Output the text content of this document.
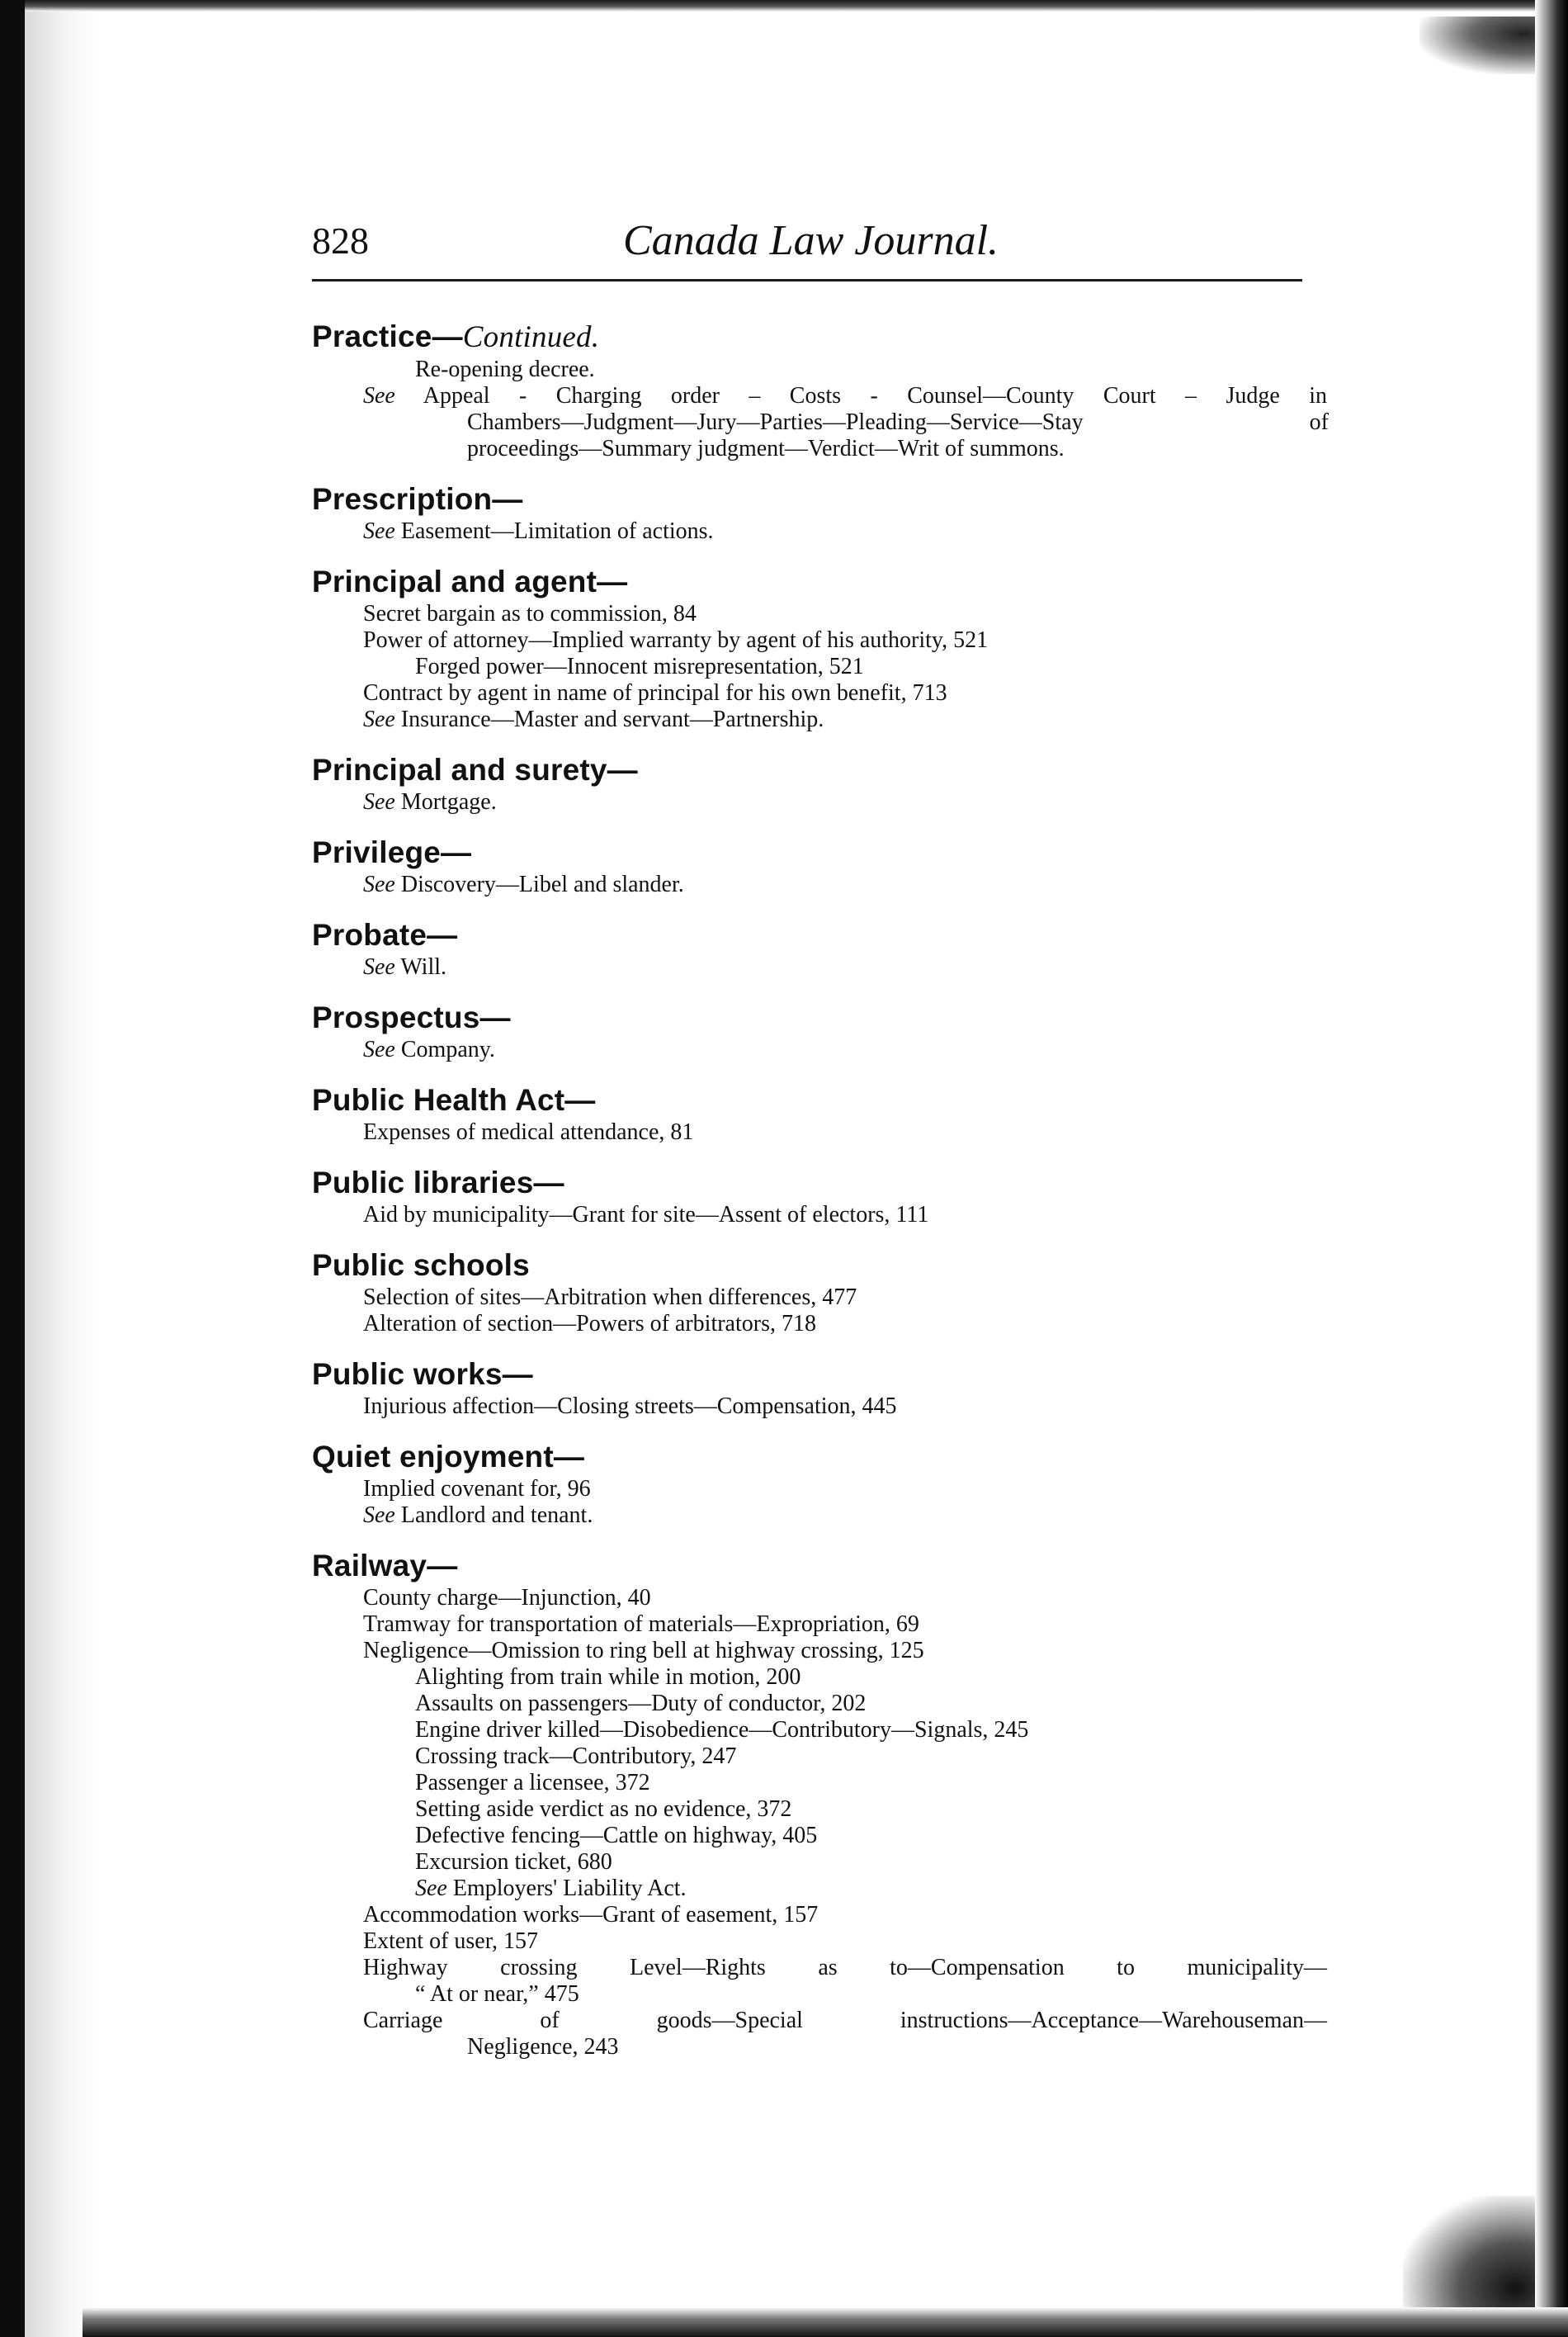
828	Canada Law Journal.
Practice—Continued.
Re-opening decree.
See Appeal - Charging order – Costs - Counsel—County Court – Judge in
Chambers—Judgment—Jury—Parties—Pleading—Service—Stay of
proceedings—Summary judgment—Verdict—Writ of summons.
Prescription—
See Easement—Limitation of actions.
Principal and agent—
Secret bargain as to commission, 84
Power of attorney—Implied warranty by agent of his authority, 521
Forged power—Innocent misrepresentation, 521
Contract by agent in name of principal for his own benefit, 713
See Insurance—Master and servant—Partnership.
Principal and surety—
See Mortgage.
Privilege—
See Discovery—Libel and slander.
Probate—
See Will.
Prospectus—
See Company.
Public Health Act—
Expenses of medical attendance, 81
Public libraries—
Aid by municipality—Grant for site—Assent of electors, 111
Public schools
Selection of sites—Arbitration when differences, 477
Alteration of section—Powers of arbitrators, 718
Public works—
Injurious affection—Closing streets—Compensation, 445
Quiet enjoyment—
Implied covenant for, 96
See Landlord and tenant.
Railway—
County charge—Injunction, 40
Tramway for transportation of materials—Expropriation, 69
Negligence—Omission to ring bell at highway crossing, 125
Alighting from train while in motion, 200
Assaults on passengers—Duty of conductor, 202
Engine driver killed—Disobedience—Contributory—Signals, 245
Crossing track—Contributory, 247
Passenger a licensee, 372
Setting aside verdict as no evidence, 372
Defective fencing—Cattle on highway, 405
Excursion ticket, 680
See Employers' Liability Act.
Accommodation works—Grant of easement, 157
Extent of user, 157
Highway crossing Level—Rights as to—Compensation to municipality—
“ At or near,” 475
Carriage of goods—Special instructions—Acceptance—Warehouseman—
Negligence, 243
